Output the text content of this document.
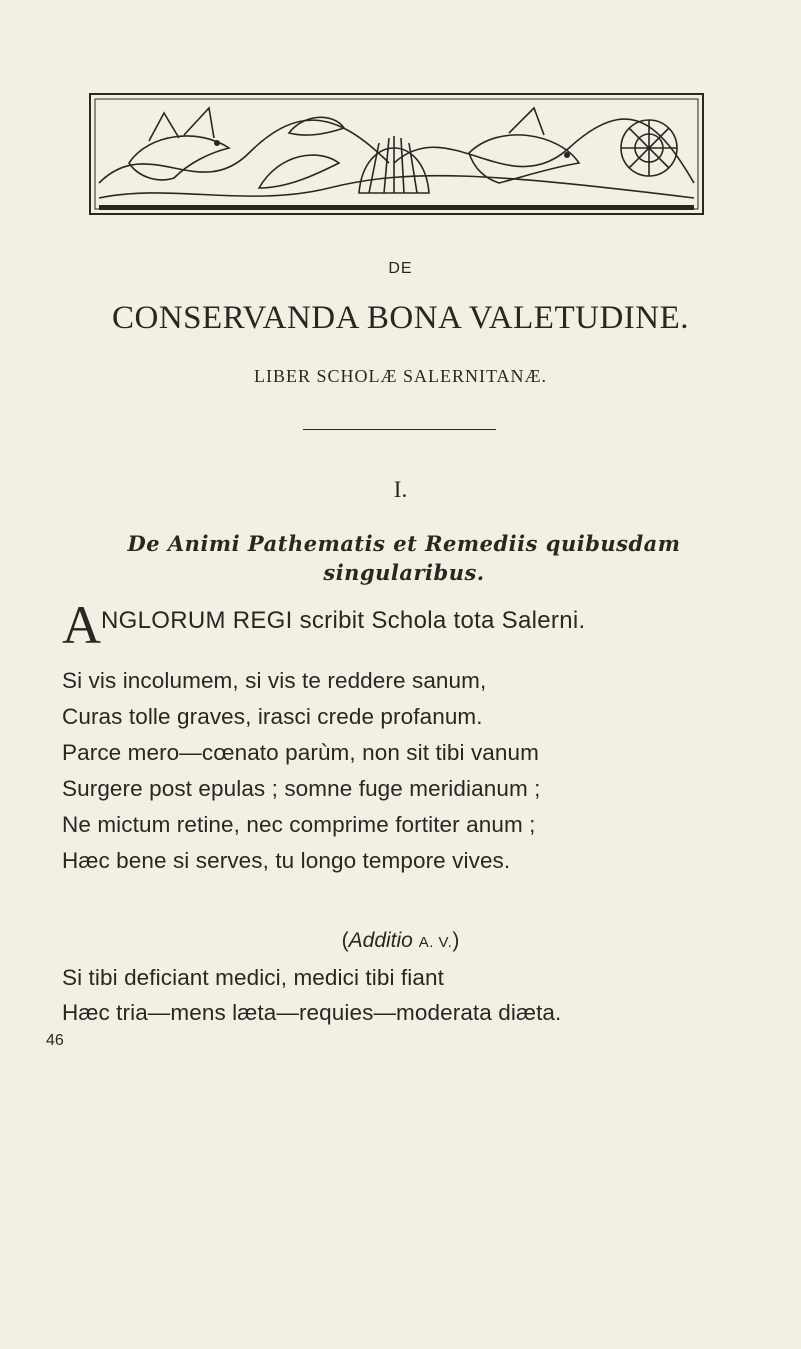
DE
CONSERVANDA BONA VALETUDINE.
LIBER SCHOLÆ SALERNITANÆ.
I.
De Animi Pathematis et Remediis quibusdam
singularibus.
A NGLORUM REGI scribit Schola tota Salerni.
Si vis incolumem, si vis te reddere sanum,
Curas tolle graves, irasci crede profanum.
Parce mero—cœnato parùm, non sit tibi vanum
Surgere post epulas ; somne fuge meridianum ;
Ne mictum retine, nec comprime fortiter anum ;
Hæc bene si serves, tu longo tempore vives.
(Additio A. V.)
Si tibi deficiant medici, medici tibi fiant
Hæc tria—mens læta—requies—moderata diæta.
46
